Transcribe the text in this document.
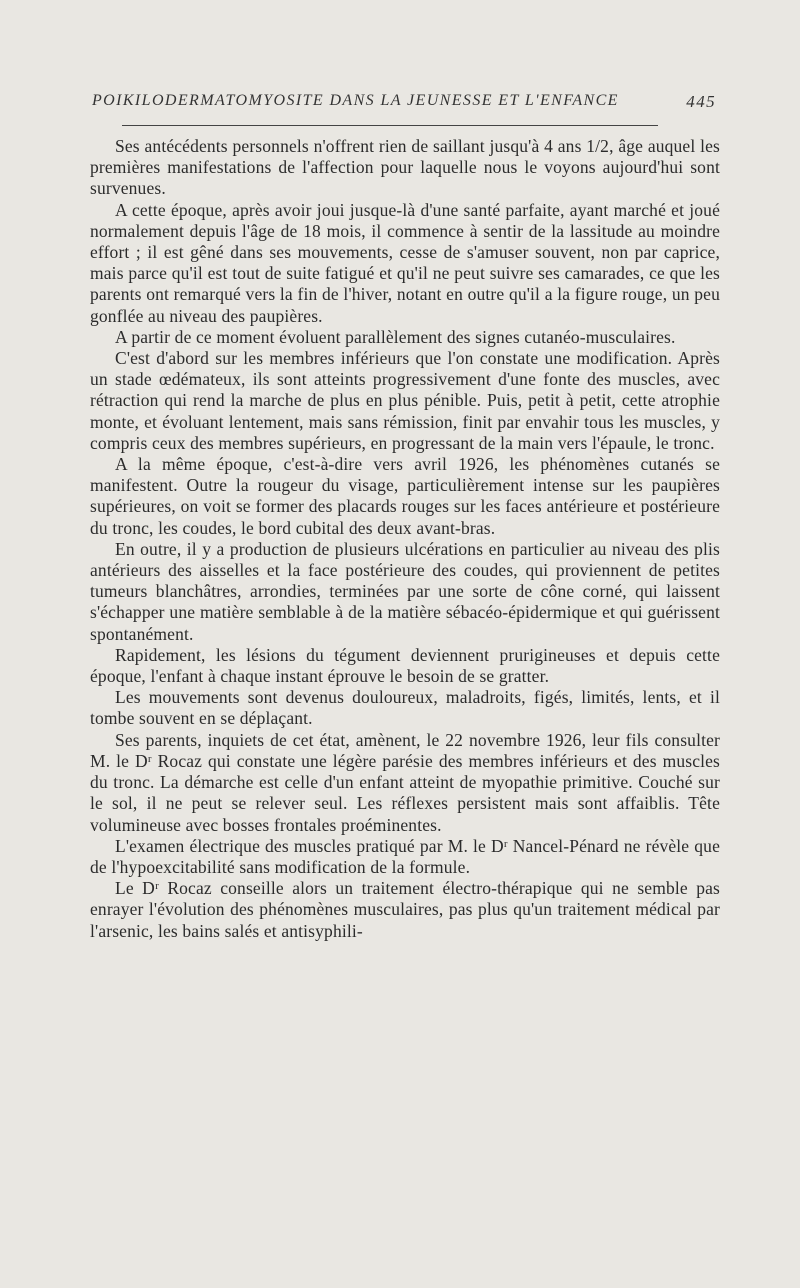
POIKILODERMATOMYOSITE DANS LA JEUNESSE ET L'ENFANCE	445

Ses antécédents personnels n'offrent rien de saillant jusqu'à 4 ans 1/2, âge auquel les premières manifestations de l'affection pour laquelle nous le voyons aujourd'hui sont survenues.

A cette époque, après avoir joui jusque-là d'une santé parfaite, ayant marché et joué normalement depuis l'âge de 18 mois, il commence à sentir de la lassitude au moindre effort ; il est gêné dans ses mouvements, cesse de s'amuser souvent, non par caprice, mais parce qu'il est tout de suite fatigué et qu'il ne peut suivre ses camarades, ce que les parents ont remarqué vers la fin de l'hiver, notant en outre qu'il a la figure rouge, un peu gonflée au niveau des paupières.

A partir de ce moment évoluent parallèlement des signes cutanéo-musculaires.

C'est d'abord sur les membres inférieurs que l'on constate une modification. Après un stade œdémateux, ils sont atteints progressivement d'une fonte des muscles, avec rétraction qui rend la marche de plus en plus pénible. Puis, petit à petit, cette atrophie monte, et évoluant lentement, mais sans rémission, finit par envahir tous les muscles, y compris ceux des membres supérieurs, en progressant de la main vers l'épaule, le tronc.

A la même époque, c'est-à-dire vers avril 1926, les phénomènes cutanés se manifestent. Outre la rougeur du visage, particulièrement intense sur les paupières supérieures, on voit se former des placards rouges sur les faces antérieure et postérieure du tronc, les coudes, le bord cubital des deux avant-bras.

En outre, il y a production de plusieurs ulcérations en particulier au niveau des plis antérieurs des aisselles et la face postérieure des coudes, qui proviennent de petites tumeurs blanchâtres, arrondies, terminées par une sorte de cône corné, qui laissent s'échapper une matière semblable à de la matière sébacéo-épidermique et qui guérissent spontanément.

Rapidement, les lésions du tégument deviennent prurigineuses et depuis cette époque, l'enfant à chaque instant éprouve le besoin de se gratter.

Les mouvements sont devenus douloureux, maladroits, figés, limités, lents, et il tombe souvent en se déplaçant.

Ses parents, inquiets de cet état, amènent, le 22 novembre 1926, leur fils consulter M. le Dʳ Rocaz qui constate une légère parésie des membres inférieurs et des muscles du tronc. La démarche est celle d'un enfant atteint de myopathie primitive. Couché sur le sol, il ne peut se relever seul. Les réflexes persistent mais sont affaiblis. Tête volumineuse avec bosses frontales proéminentes.

L'examen électrique des muscles pratiqué par M. le Dʳ Nancel-Pénard ne révèle que de l'hypoexcitabilité sans modification de la formule.

Le Dʳ Rocaz conseille alors un traitement électro-thérapique qui ne semble pas enrayer l'évolution des phénomènes musculaires, pas plus qu'un traitement médical par l'arsenic, les bains salés et antisyphili-
